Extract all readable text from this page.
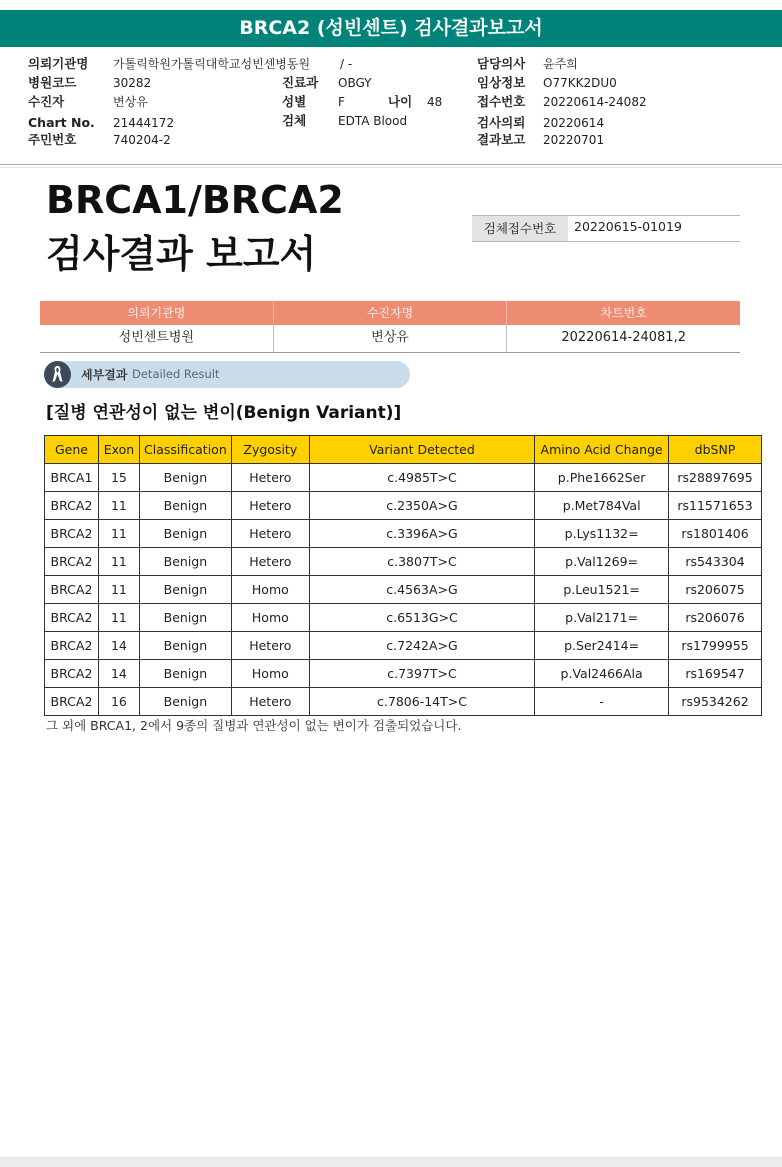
BRCA2 (성빈센트) 검사결과보고서
의뢰기관명 가톨릭학원가톨릭대학교성빈센병동원 / -	담당의사 윤주희
병원코드	30282	진료과 OBGY	임상정보 O77KK2DU0
수진자	변상유	성별	F	나이 48	접수번호 20220614-24082
Chart No. 21444172	검체	EDTA Blood	검사의뢰 20220614
주민번호	740204-2	결과보고 20220701
BRCA1/BRCA2
검사결과 보고서
검체접수번호	20220615-01019
의뢰기관명	수진자명	차트번호
성빈센트병원	변상유	20220614-24081,2
세부결과 Detailed Result
[질병 연관성이 없는 변이(Benign Variant)]
Gene	Exon	Classification	Zygosity	Variant Detected	Amino Acid Change	dbSNP
BRCA1	15	Benign	Hetero	c.4985T>C	p.Phe1662Ser	rs28897695
BRCA2	11	Benign	Hetero	c.2350A>G	p.Met784Val	rs11571653
BRCA2	11	Benign	Hetero	c.3396A>G	p.Lys1132=	rs1801406
BRCA2	11	Benign	Hetero	c.3807T>C	p.Val1269=	rs543304
BRCA2	11	Benign	Homo	c.4563A>G	p.Leu1521=	rs206075
BRCA2	11	Benign	Homo	c.6513G>C	p.Val2171=	rs206076
BRCA2	14	Benign	Hetero	c.7242A>G	p.Ser2414=	rs1799955
BRCA2	14	Benign	Homo	c.7397T>C	p.Val2466Ala	rs169547
BRCA2	16	Benign	Hetero	c.7806-14T>C	-	rs9534262

그 외에 BRCA1, 2에서 9종의 질병과 연관성이 없는 변이가 검출되었습니다.
